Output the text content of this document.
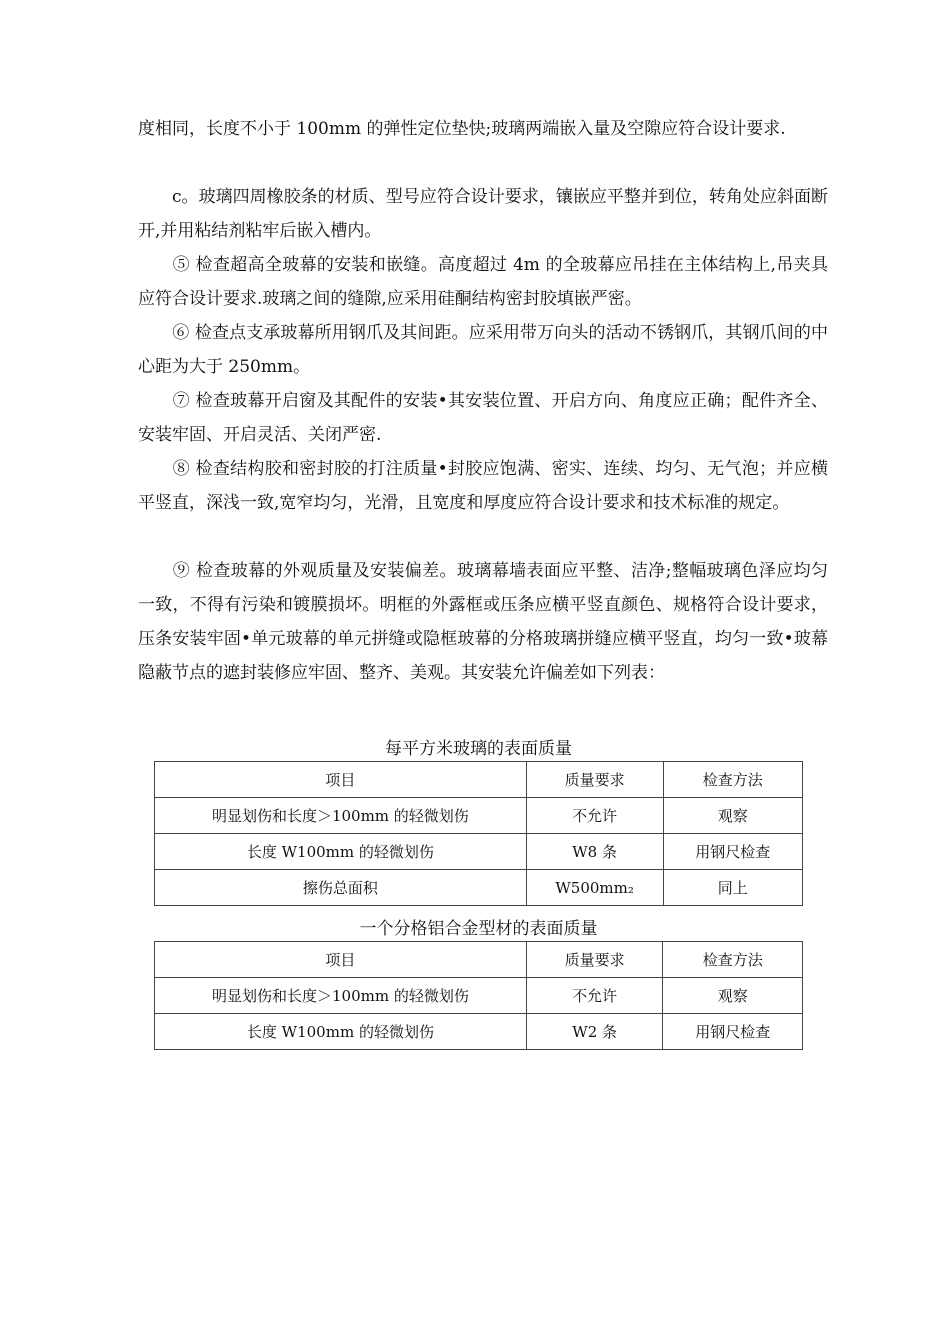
度相同，长度不小于 100mm 的弹性定位垫快;玻璃两端嵌入量及空隙应符合设计要求.

　　c。玻璃四周橡胶条的材质、型号应符合设计要求，镶嵌应平整并到位，转角处应斜面断开,并用粘结剂粘牢后嵌入槽内。

　　⑤ 检查超高全玻幕的安装和嵌缝。高度超过 4m 的全玻幕应吊挂在主体结构上,吊夹具应符合设计要求.玻璃之间的缝隙,应采用硅酮结构密封胶填嵌严密。

　　⑥ 检查点支承玻幕所用钢爪及其间距。应采用带万向头的活动不锈钢爪，其钢爪间的中心距为大于 250mm。

　　⑦ 检查玻幕开启窗及其配件的安装•其安装位置、开启方向、角度应正确；配件齐全、安装牢固、开启灵活、关闭严密.

　　⑧ 检查结构胶和密封胶的打注质量•封胶应饱满、密实、连续、均匀、无气泡；并应横平竖直，深浅一致,宽窄均匀，光滑，且宽度和厚度应符合设计要求和技术标准的规定。

　　⑨ 检查玻幕的外观质量及安装偏差。玻璃幕墙表面应平整、洁净;整幅玻璃色泽应均匀一致，不得有污染和镀膜损坏。明框的外露框或压条应横平竖直颜色、规格符合设计要求，压条安装牢固•单元玻幕的单元拼缝或隐框玻幕的分格玻璃拼缝应横平竖直，均匀一致•玻幕隐蔽节点的遮封装修应牢固、整齐、美观。其安装允许偏差如下列表：

每平方米玻璃的表面质量
项目	质量要求	检查方法
明显划伤和长度＞100mm 的轻微划伤	不允许	观察
长度 W100mm 的轻微划伤	W8 条	用钢尺检查
擦伤总面积	W500mm₂	同上
一个分格铝合金型材的表面质量
项目	质量要求	检查方法
明显划伤和长度＞100mm 的轻微划伤	不允许	观察
长度 W100mm 的轻微划伤	W2 条	用钢尺检查
